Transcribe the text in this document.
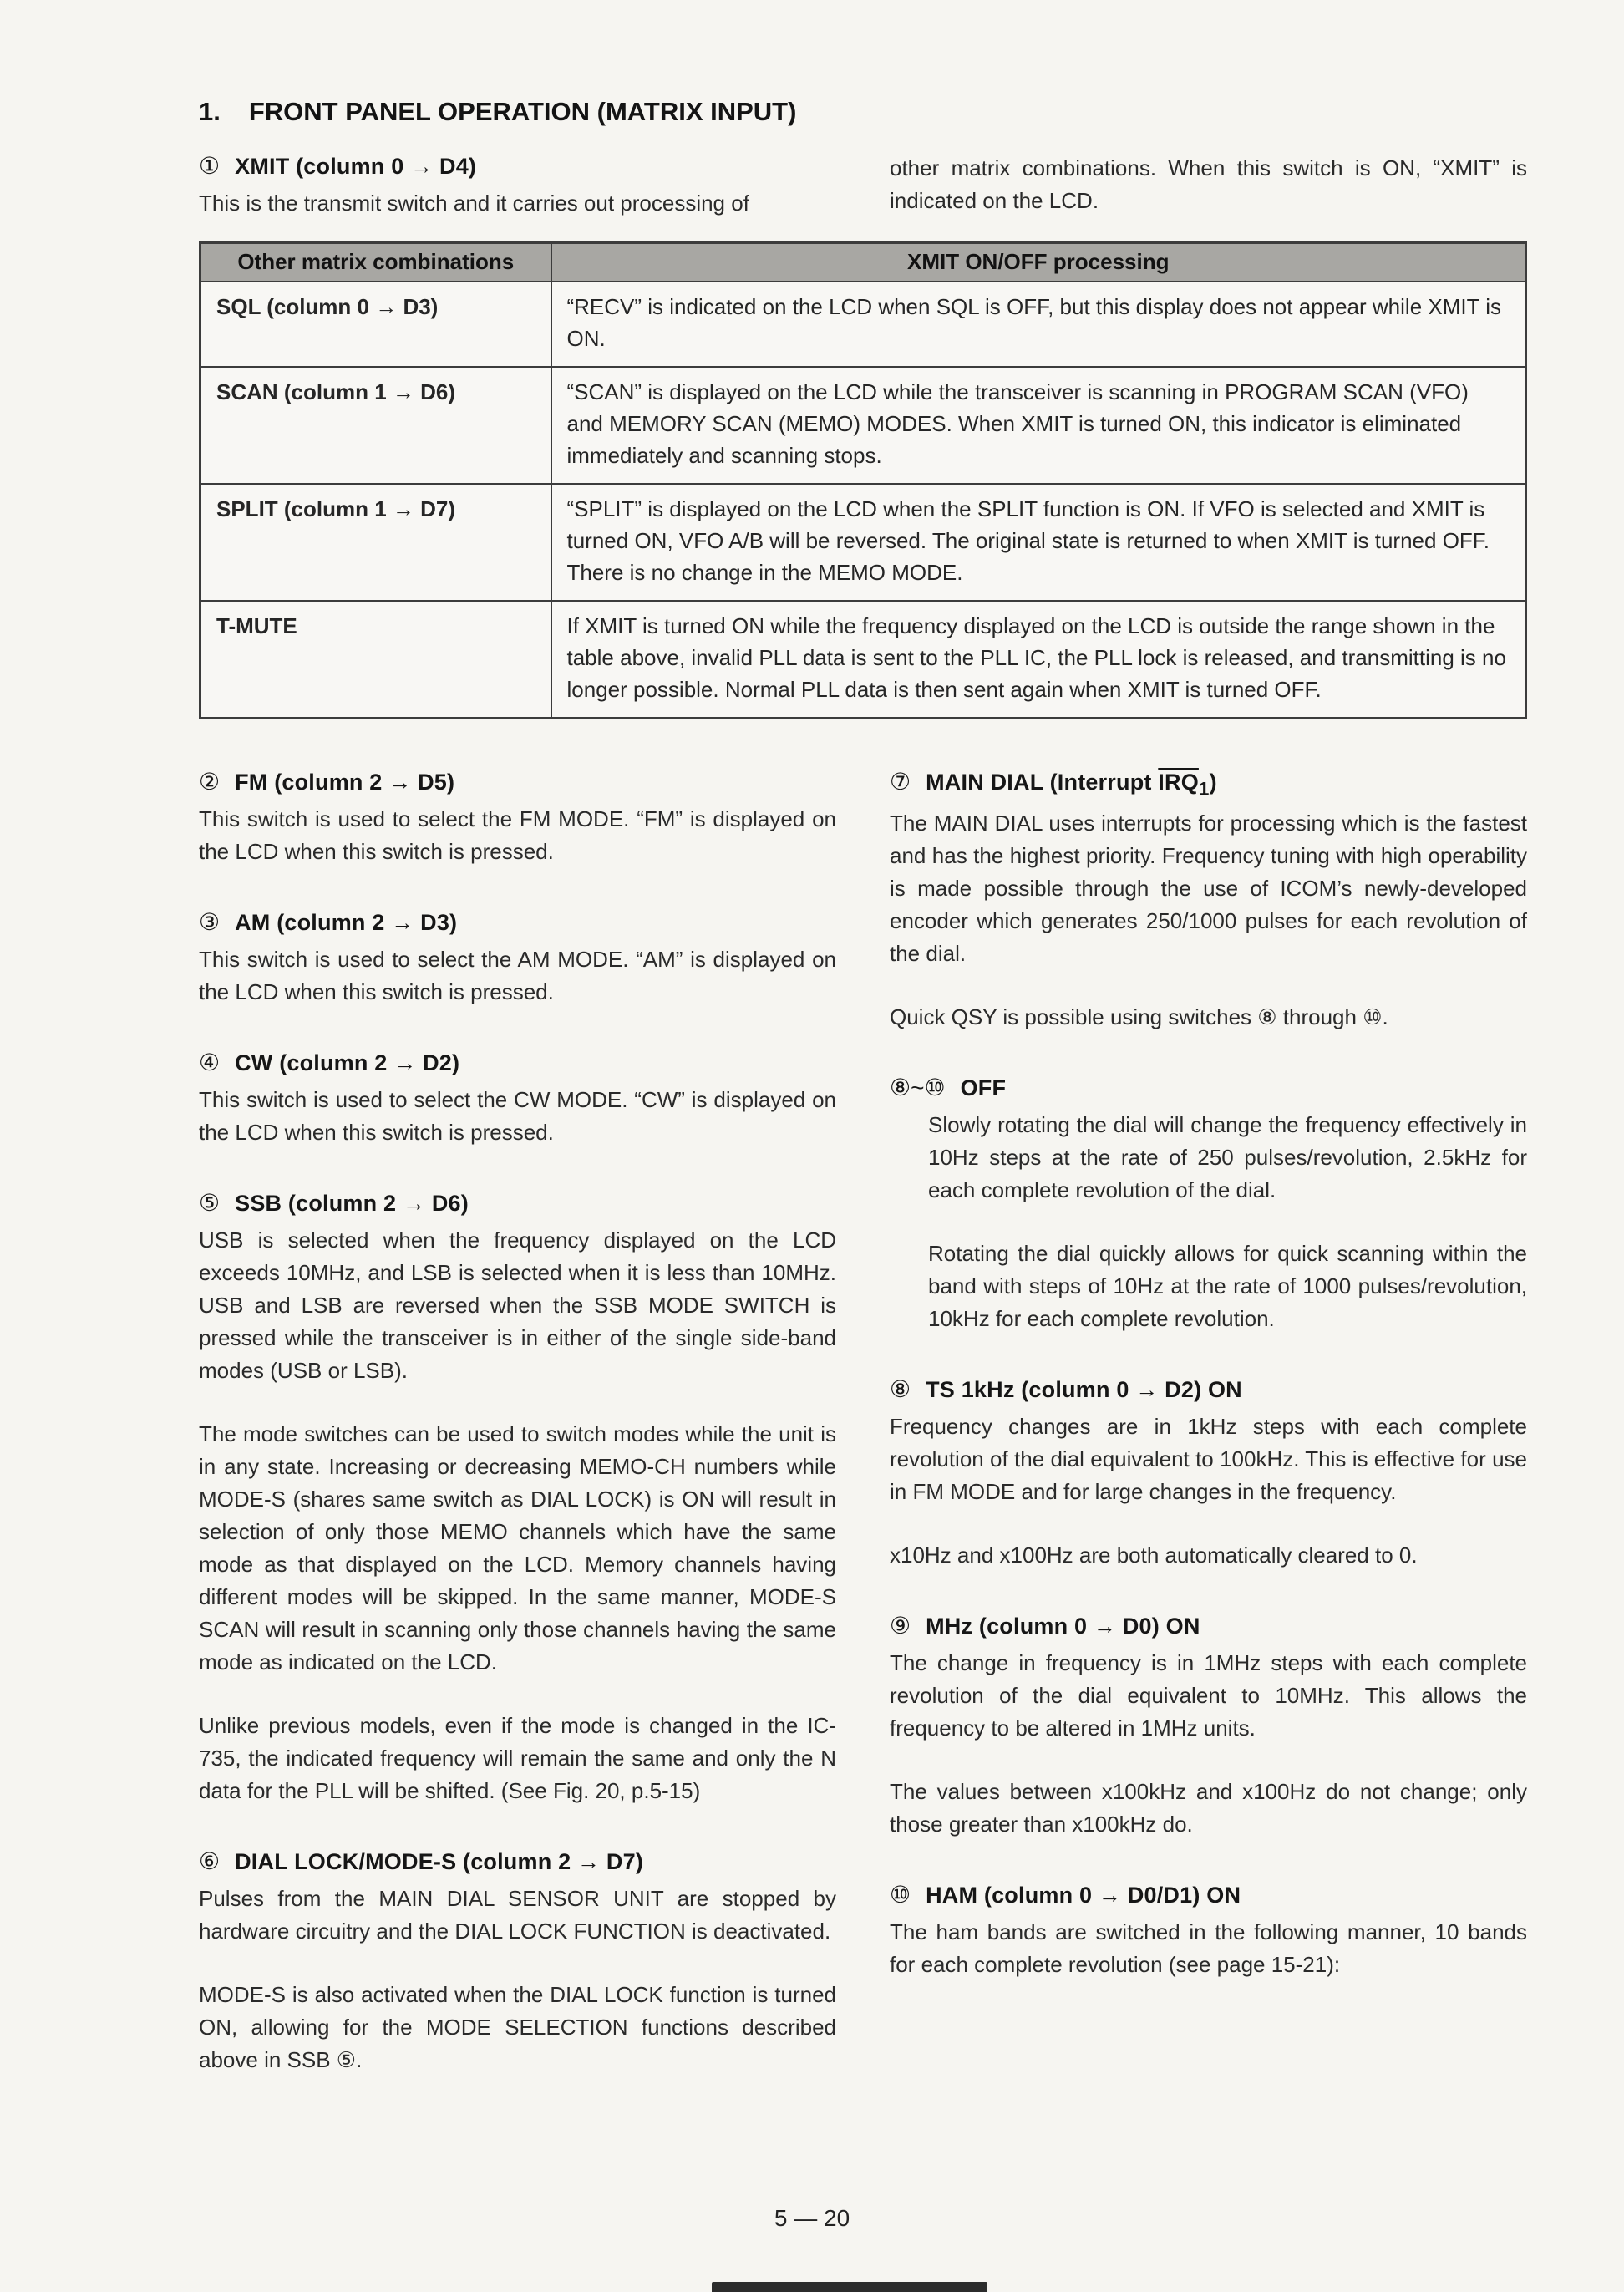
1. FRONT PANEL OPERATION (MATRIX INPUT)
① XMIT (column 0 → D4)

This is the transmit switch and it carries out processing of

other matrix combinations. When this switch is ON, “XMIT” is indicated on the LCD.

Other matrix combinations	XMIT ON/OFF processing
SQL (column 0 → D3)	“RECV” is indicated on the LCD when SQL is OFF, but this display does not appear while XMIT is ON.
SCAN (column 1 → D6)	“SCAN” is displayed on the LCD while the transceiver is scanning in PROGRAM SCAN (VFO) and MEMORY SCAN (MEMO) MODES. When XMIT is turned ON, this indicator is eliminated immediately and scanning stops.
SPLIT (column 1 → D7)	“SPLIT” is displayed on the LCD when the SPLIT function is ON. If VFO is selected and XMIT is turned ON, VFO A/B will be reversed. The original state is returned to when XMIT is turned OFF.
There is no change in the MEMO MODE.
T-MUTE	If XMIT is turned ON while the frequency displayed on the LCD is outside the range shown in the table above, invalid PLL data is sent to the PLL IC, the PLL lock is released, and transmitting is no longer possible. Normal PLL data is then sent again when XMIT is turned OFF.
② FM (column 2 → D5)

This switch is used to select the FM MODE. “FM” is displayed on the LCD when this switch is pressed.

③ AM (column 2 → D3)

This switch is used to select the AM MODE. “AM” is displayed on the LCD when this switch is pressed.

④ CW (column 2 → D2)

This switch is used to select the CW MODE. “CW” is displayed on the LCD when this switch is pressed.

⑤ SSB (column 2 → D6)

USB is selected when the frequency displayed on the LCD exceeds 10MHz, and LSB is selected when it is less than 10MHz. USB and LSB are reversed when the SSB MODE SWITCH is pressed while the transceiver is in either of the single side-band modes (USB or LSB).

The mode switches can be used to switch modes while the unit is in any state. Increasing or decreasing MEMO-CH numbers while MODE-S (shares same switch as DIAL LOCK) is ON will result in selection of only those MEMO channels which have the same mode as that displayed on the LCD. Memory channels having different modes will be skipped. In the same manner, MODE-S SCAN will result in scanning only those channels having the same mode as indicated on the LCD.

Unlike previous models, even if the mode is changed in the IC-735, the indicated frequency will remain the same and only the N data for the PLL will be shifted. (See Fig. 20, p.5-15)

⑥ DIAL LOCK/MODE-S (column 2 → D7)

Pulses from the MAIN DIAL SENSOR UNIT are stopped by hardware circuitry and the DIAL LOCK FUNCTION is deactivated.

MODE-S is also activated when the DIAL LOCK function is turned ON, allowing for the MODE SELECTION functions described above in SSB ⑤.

⑦ MAIN DIAL (Interrupt $\overline{IRQ}_1$)

The MAIN DIAL uses interrupts for processing which is the fastest and has the highest priority. Frequency tuning with high operability is made possible through the use of ICOM’s newly-developed encoder which generates 250/1000 pulses for each revolution of the dial.

Quick QSY is possible using switches ⑧ through ⑩.

⑧~⑩ OFF

Slowly rotating the dial will change the frequency effectively in 10Hz steps at the rate of 250 pulses/revolution, 2.5kHz for each complete revolution of the dial.

Rotating the dial quickly allows for quick scanning within the band with steps of 10Hz at the rate of 1000 pulses/revolution, 10kHz for each complete revolution.

⑧ TS 1kHz (column 0 → D2) ON

Frequency changes are in 1kHz steps with each complete revolution of the dial equivalent to 100kHz. This is effective for use in FM MODE and for large changes in the frequency.

x10Hz and x100Hz are both automatically cleared to 0.

⑨ MHz (column 0 → D0) ON

The change in frequency is in 1MHz steps with each complete revolution of the dial equivalent to 10MHz. This allows the frequency to be altered in 1MHz units.

The values between x100kHz and x100Hz do not change; only those greater than x100kHz do.

⑩ HAM (column 0 → D0/D1) ON

The ham bands are switched in the following manner, 10 bands for each complete revolution (see page 15-21):

5 — 20
